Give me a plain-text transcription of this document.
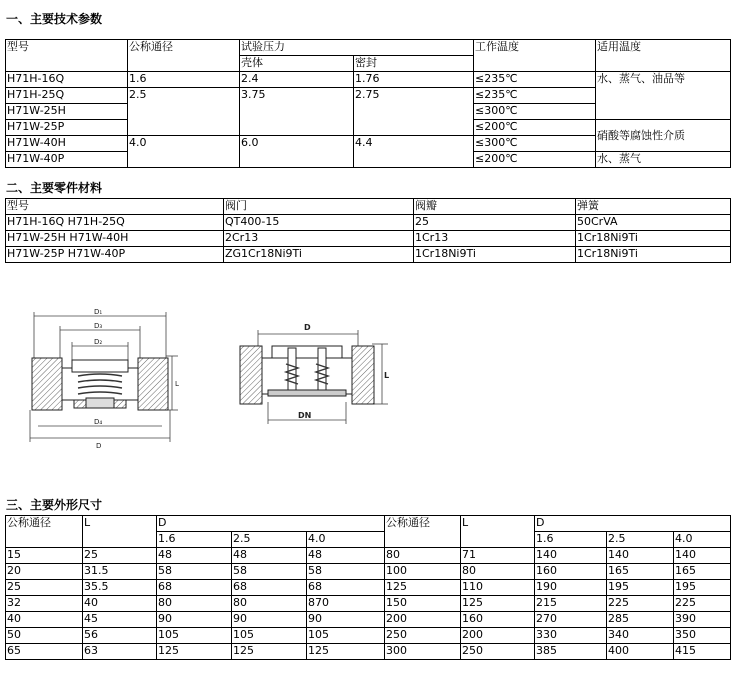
一、主要技术参数
型号	公称通径	试验压力		工作温度	适用温度
		壳体	密封		
H71H-16Q	1.6	2.4	1.76	≤235℃	水、蒸气、油品等
H71H-25Q	2.5	3.75	2.75	≤235℃	
H71W-25H				≤300℃	
H71W-25P				≤200℃	硝酸等腐蚀性介质
H71W-40H	4.0	6.0	4.4	≤300℃	
H71W-40P				≤200℃	水、蒸气
二、主要零件材料
型号	阀门	阀瓣	弹簧
H71H-16Q H71H-25Q	QT400-15	25	50CrVA
H71W-25H H71W-40H	2Cr13	1Cr13	1Cr18Ni9Ti
H71W-25P H71W-40P	ZG1Cr18Ni9Ti	1Cr18Ni9Ti	1Cr18Ni9Ti
D₁
D₃
D₂
L
D₄
D
D
L
DN
三、主要外形尺寸
公称通径	L	D			公称通径	L	D		
		1.6	2.5	4.0			1.6	2.5	4.0
15	25	48	48	48	80	71	140	140	140
20	31.5	58	58	58	100	80	160	165	165
25	35.5	68	68	68	125	110	190	195	195
32	40	80	80	870	150	125	215	225	225
40	45	90	90	90	200	160	270	285	390
50	56	105	105	105	250	200	330	340	350
65	63	125	125	125	300	250	385	400	415
